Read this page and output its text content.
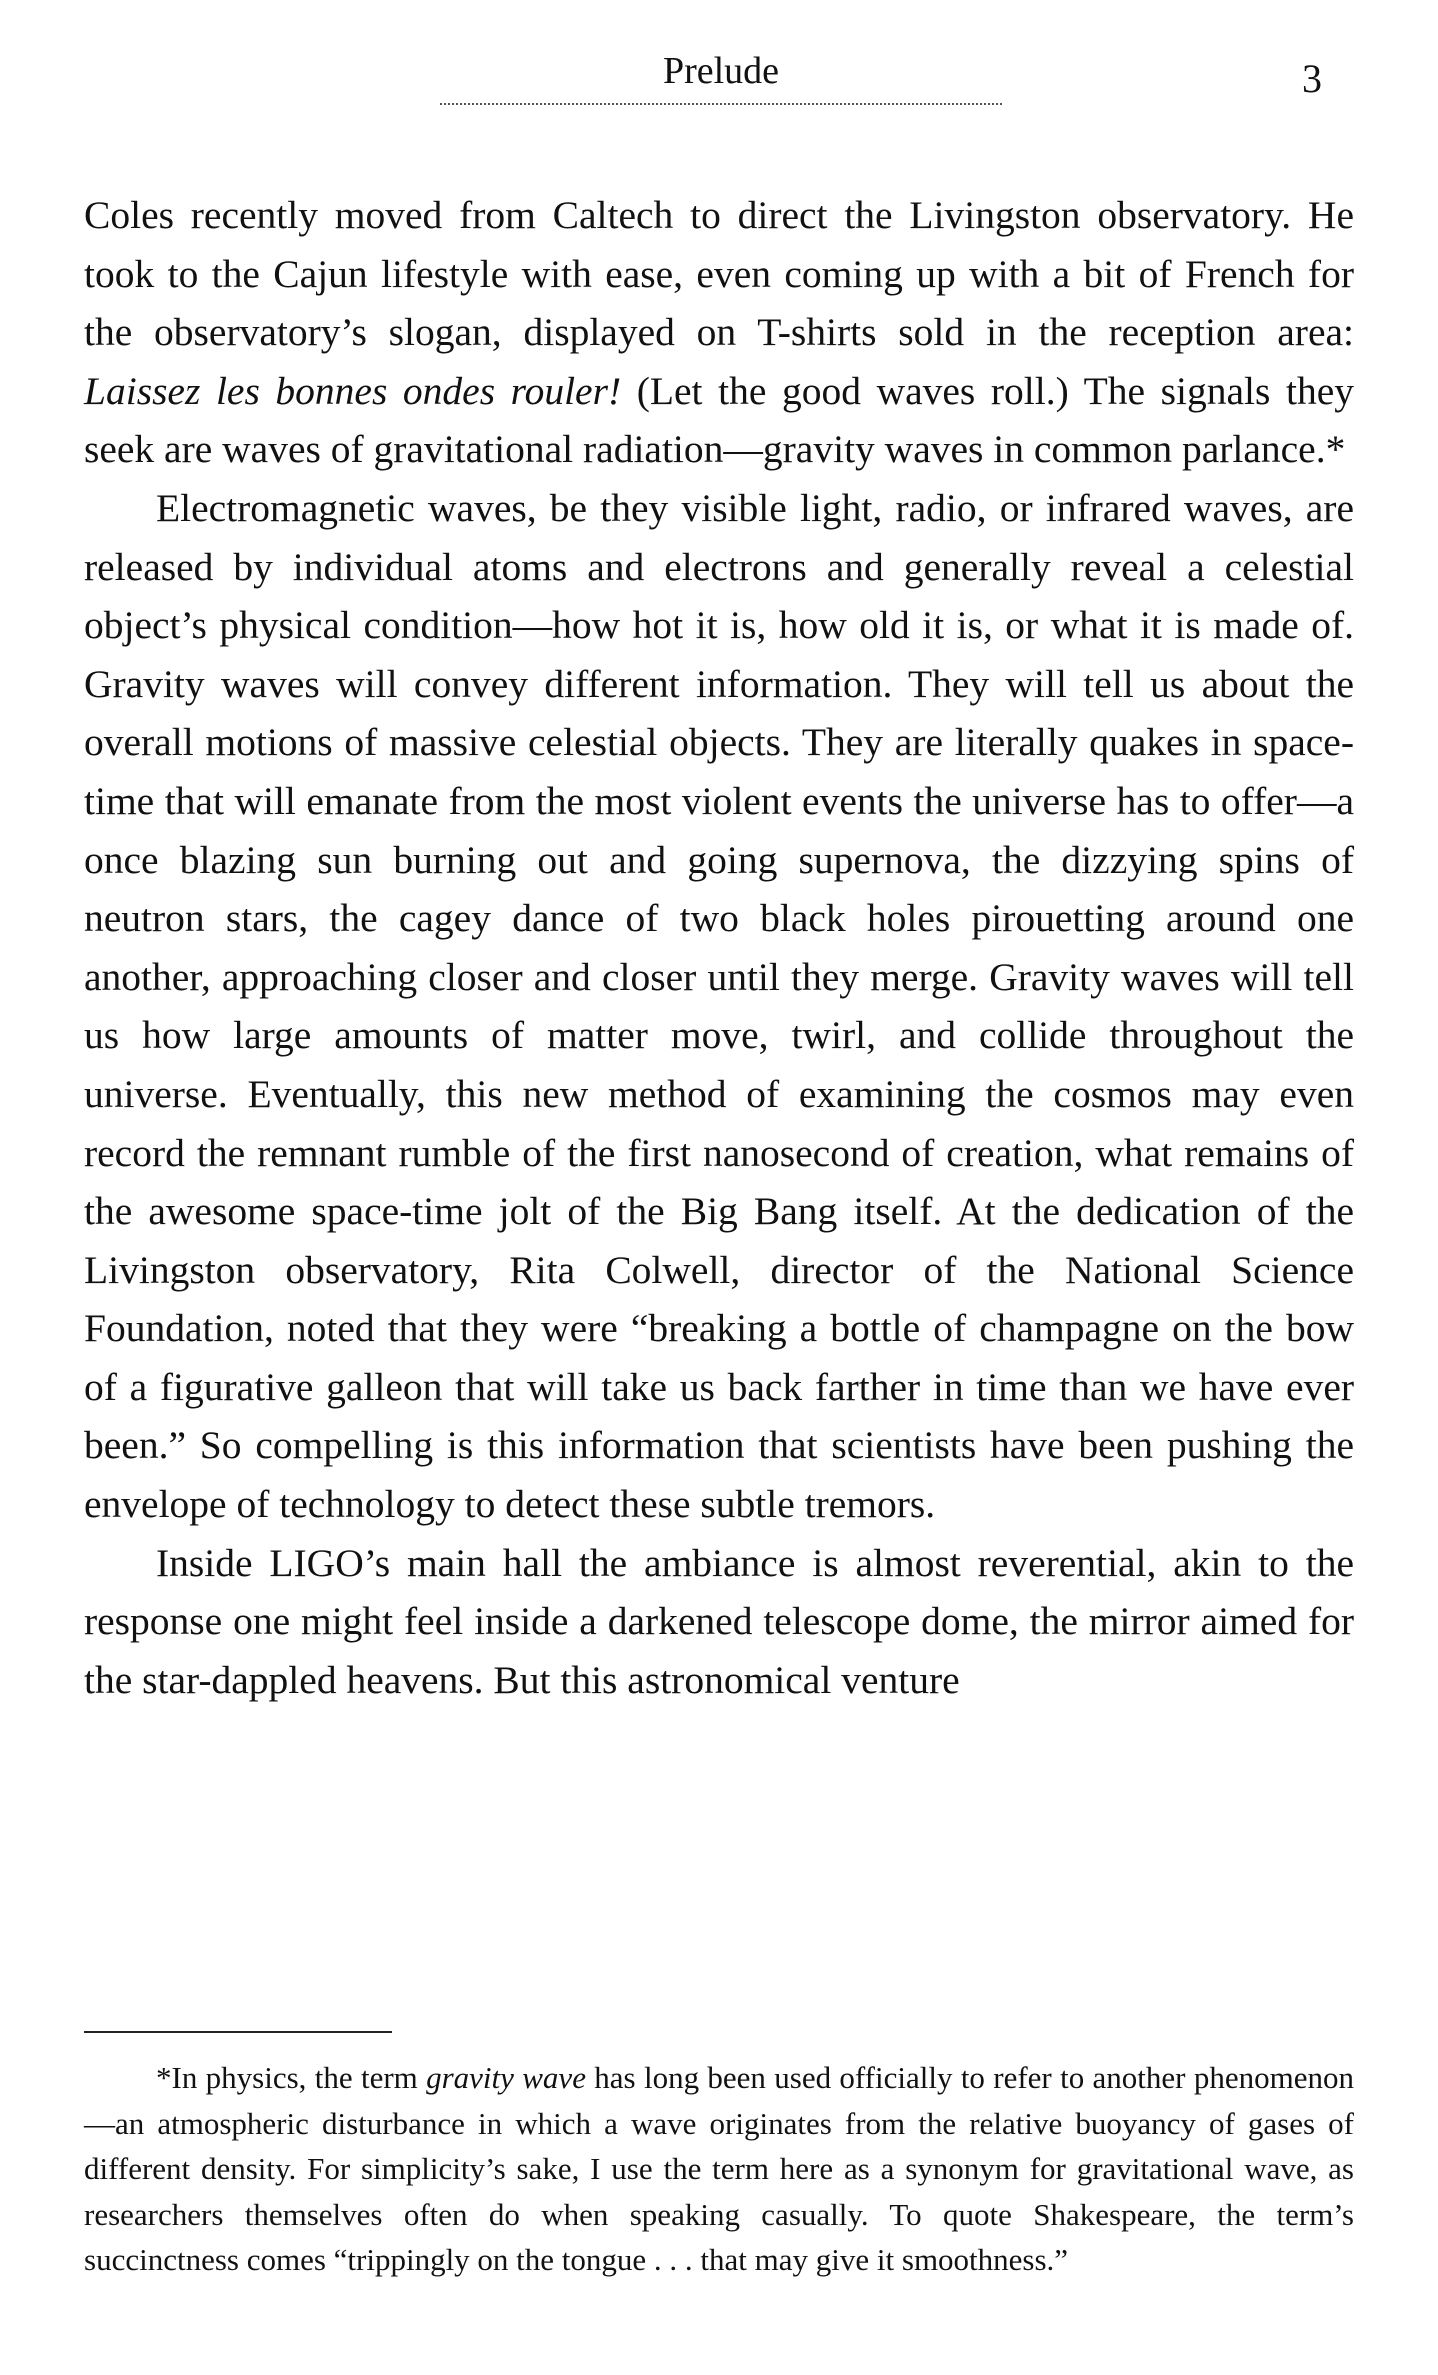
Prelude	3

Coles recently moved from Caltech to direct the Livingston observatory. He took to the Cajun lifestyle with ease, even coming up with a bit of French for the observatory’s slogan, displayed on T-shirts sold in the reception area: Laissez les bonnes ondes rouler! (Let the good waves roll.) The signals they seek are waves of gravitational radiation—gravity waves in common parlance.*

Electromagnetic waves, be they visible light, radio, or infrared waves, are released by individual atoms and electrons and generally reveal a celestial object’s physical condition—how hot it is, how old it is, or what it is made of. Gravity waves will convey different information. They will tell us about the overall motions of massive celestial objects. They are literally quakes in space-time that will emanate from the most violent events the universe has to offer—a once blazing sun burning out and going supernova, the dizzying spins of neutron stars, the cagey dance of two black holes pirouetting around one another, approaching closer and closer until they merge. Gravity waves will tell us how large amounts of matter move, twirl, and collide throughout the universe. Eventually, this new method of examining the cosmos may even record the remnant rumble of the first nanosecond of creation, what remains of the awesome space-time jolt of the Big Bang itself. At the dedication of the Livingston observatory, Rita Colwell, director of the National Science Foundation, noted that they were “breaking a bottle of champagne on the bow of a figurative galleon that will take us back farther in time than we have ever been.” So compelling is this information that scientists have been pushing the envelope of technology to detect these subtle tremors.

Inside LIGO’s main hall the ambiance is almost reverential, akin to the response one might feel inside a darkened telescope dome, the mirror aimed for the star-dappled heavens. But this astronomical venture

*In physics, the term gravity wave has long been used officially to refer to another phenomenon—an atmospheric disturbance in which a wave originates from the relative buoyancy of gases of different density. For simplicity’s sake, I use the term here as a synonym for gravitational wave, as researchers themselves often do when speaking casually. To quote Shakespeare, the term’s succinctness comes “trippingly on the tongue . . . that may give it smoothness.”
